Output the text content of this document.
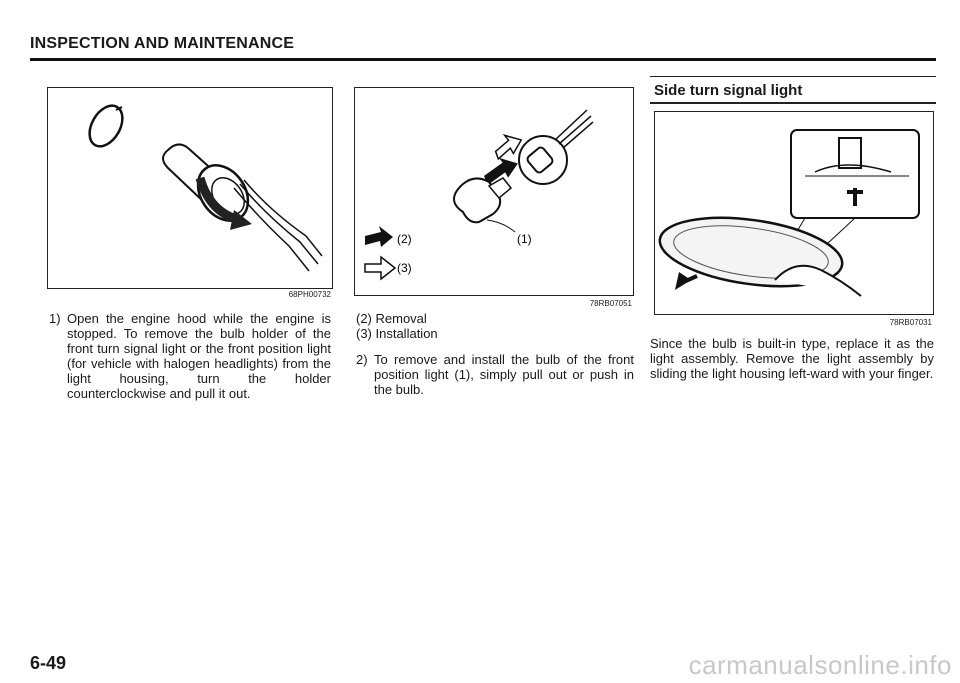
INSPECTION AND MAINTENANCE
68PH00732
1) Open the engine hood while the engine is stopped. To remove the bulb holder of the front turn signal light or the front position light (for vehicle with halogen headlights) from the light housing, turn the holder counterclockwise and pull it out.
(1)
(2)
(3)
78RB07051
(2) Removal
(3) Installation
2) To remove and install the bulb of the front position light (1), simply pull out or push in the bulb.
Side turn signal light
78RB07031
Since the bulb is built-in type, replace it as the light assembly. Remove the light assembly by sliding the light housing left-ward with your finger.
6-49	carmanualsonline.info
